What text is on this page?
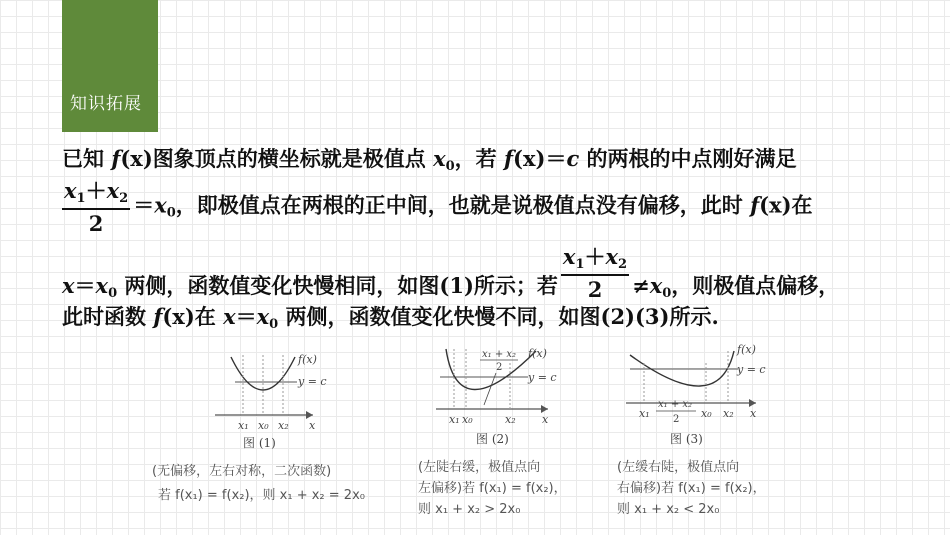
知识拓展
已知 f(x)图象顶点的横坐标就是极值点 $x_0$，若 f(x)＝c 的两根的中点刚好满足
$\frac{x_1+x_2}{2} =x_0$，即极值点在两根的正中间，也就是说极值点没有偏移，此时 f(x)在
$x=x_0$ 两侧，函数值变化快慢相同，如图(1)所示；若 $\frac{x_1+x_2}{2} \ne x_0$，则极值点偏移，
此时函数 f(x)在 $x=x_0$ 两侧，函数值变化快慢不同，如图(2)(3)所示.
f(x)
y = c
x
x₁ x₀ x₂
图 (1)
(无偏移，左右对称，二次函数)
若 f(x₁) = f(x₂)，则 x₁ + x₂ = 2x₀
x₁ + x₂
2
f(x)
y = c
x
x₁ x₀	x₂
图 (2)
(左陡右缓，极值点向
左偏移)若 f(x₁) = f(x₂)，
则 x₁ + x₂ > 2x₀
f(x)
y = c
x
x₁
x₁ + x₂
2 x₀ x₂
图 (3)
(左缓右陡，极值点向
右偏移)若 f(x₁) = f(x₂)，
则 x₁ + x₂ < 2x₀
